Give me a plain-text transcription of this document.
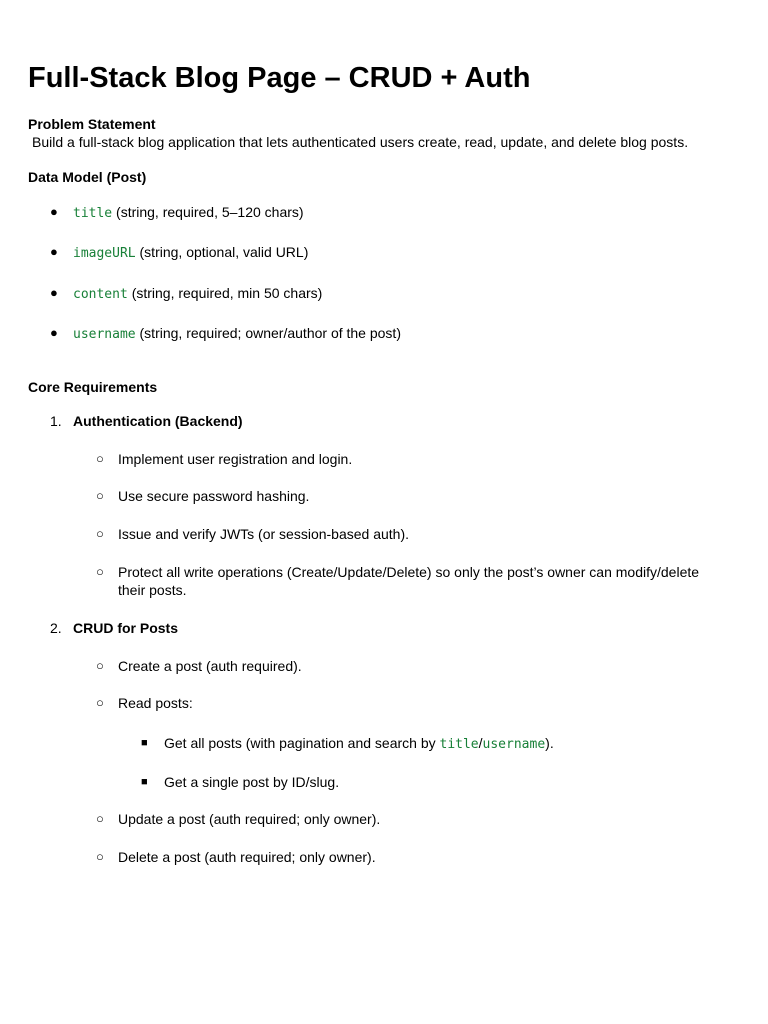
Full-Stack Blog Page – CRUD + Auth
Problem Statement
Build a full-stack blog application that lets authenticated users create, read, update, and delete blog posts.
Data Model (Post)
● title (string, required, 5–120 chars)
● imageURL (string, optional, valid URL)
● content (string, required, min 50 chars)
● username (string, required; owner/author of the post)
Core Requirements
1. Authentication (Backend)
○ Implement user registration and login.
○ Use secure password hashing.
○ Issue and verify JWTs (or session-based auth).
○ Protect all write operations (Create/Update/Delete) so only the post’s owner can modify/delete their posts.
2. CRUD for Posts
○ Create a post (auth required).
○ Read posts:
■ Get all posts (with pagination and search by title/username).
■ Get a single post by ID/slug.
○ Update a post (auth required; only owner).
○ Delete a post (auth required; only owner).
